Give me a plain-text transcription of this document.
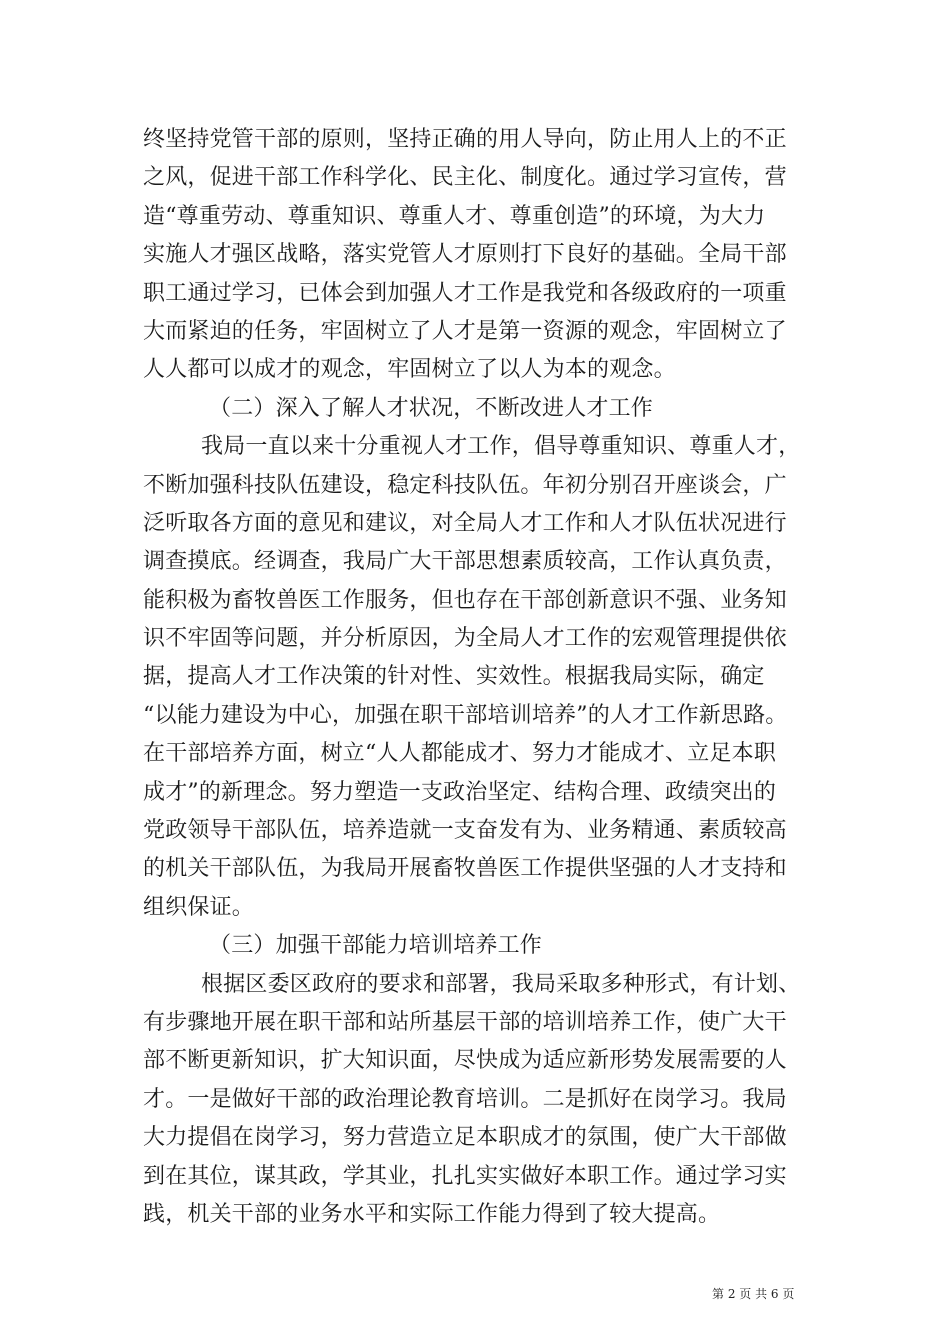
终坚持党管干部的原则，坚持正确的用人导向，防止用人上的不正
之风，促进干部工作科学化、民主化、制度化。通过学习宣传，营
造“尊重劳动、尊重知识、尊重人才、尊重创造”的环境，为大力
实施人才强区战略，落实党管人才原则打下良好的基础。全局干部
职工通过学习，已体会到加强人才工作是我党和各级政府的一项重
大而紧迫的任务，牢固树立了人才是第一资源的观念，牢固树立了
人人都可以成才的观念，牢固树立了以人为本的观念。
（二）深入了解人才状况，不断改进人才工作
我局一直以来十分重视人才工作，倡导尊重知识、尊重人才，
不断加强科技队伍建设，稳定科技队伍。年初分别召开座谈会，广
泛听取各方面的意见和建议，对全局人才工作和人才队伍状况进行
调查摸底。经调查，我局广大干部思想素质较高，工作认真负责，
能积极为畜牧兽医工作服务，但也存在干部创新意识不强、业务知
识不牢固等问题，并分析原因，为全局人才工作的宏观管理提供依
据，提高人才工作决策的针对性、实效性。根据我局实际，确定
“以能力建设为中心，加强在职干部培训培养”的人才工作新思路。
在干部培养方面，树立“人人都能成才、努力才能成才、立足本职
成才”的新理念。努力塑造一支政治坚定、结构合理、政绩突出的
党政领导干部队伍，培养造就一支奋发有为、业务精通、素质较高
的机关干部队伍，为我局开展畜牧兽医工作提供坚强的人才支持和
组织保证。
（三）加强干部能力培训培养工作
根据区委区政府的要求和部署，我局采取多种形式，有计划、
有步骤地开展在职干部和站所基层干部的培训培养工作，使广大干
部不断更新知识，扩大知识面，尽快成为适应新形势发展需要的人
才。一是做好干部的政治理论教育培训。二是抓好在岗学习。我局
大力提倡在岗学习，努力营造立足本职成才的氛围，使广大干部做
到在其位，谋其政，学其业，扎扎实实做好本职工作。通过学习实
践，机关干部的业务水平和实际工作能力得到了较大提高。
第 2 页 共 6 页
